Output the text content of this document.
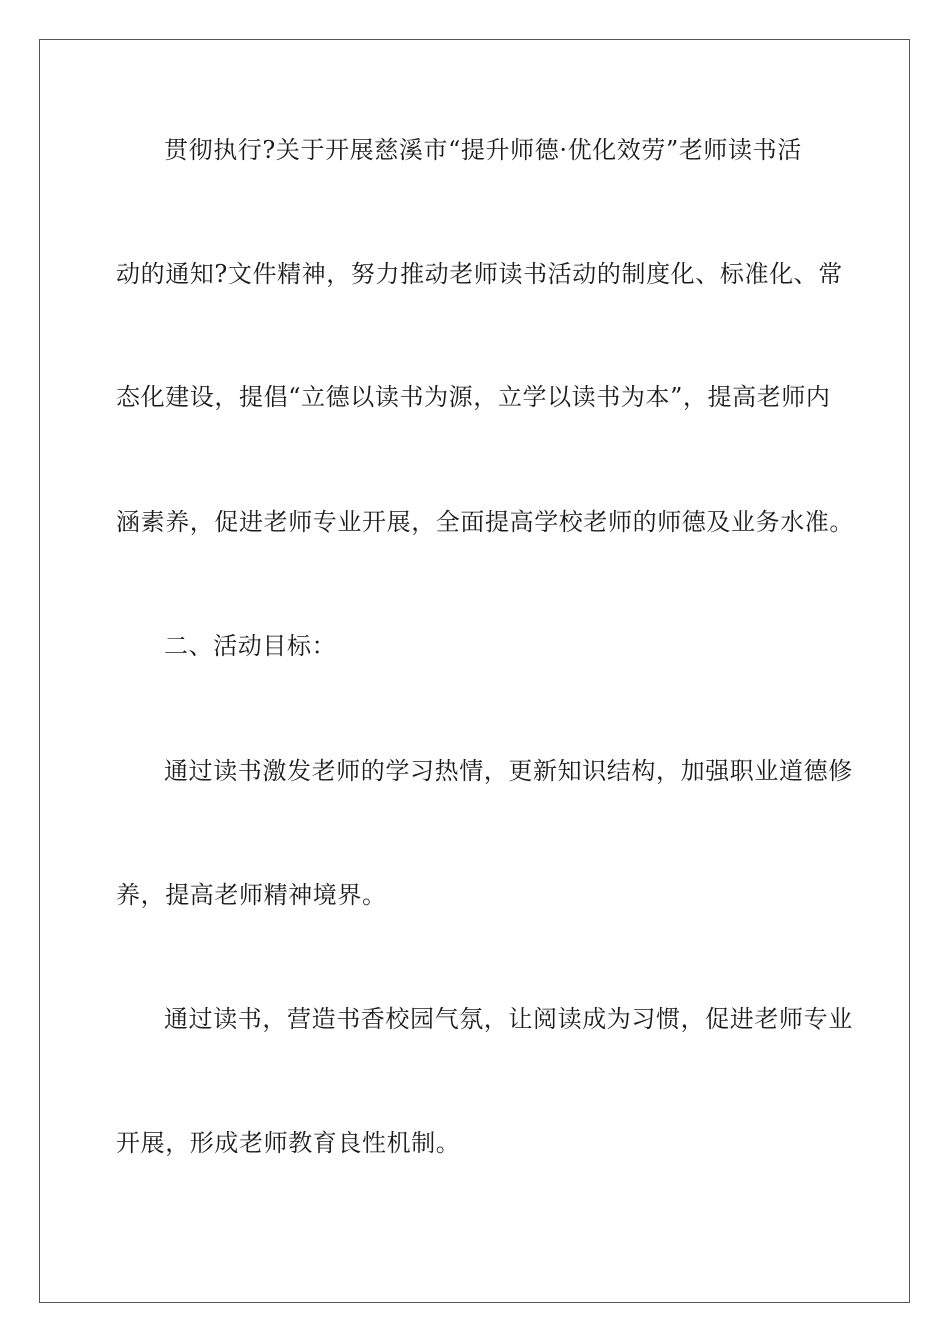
贯彻执行?关于开展慈溪市“提升师德·优化效劳”老师读书活
动的通知?文件精神，努力推动老师读书活动的制度化、标准化、常
态化建设，提倡“立德以读书为源，立学以读书为本”，提高老师内
涵素养，促进老师专业开展，全面提高学校老师的师德及业务水准。
二、活动目标：
通过读书激发老师的学习热情，更新知识结构，加强职业道德修
养，提高老师精神境界。
通过读书，营造书香校园气氛，让阅读成为习惯，促进老师专业
开展，形成老师教育良性机制。
